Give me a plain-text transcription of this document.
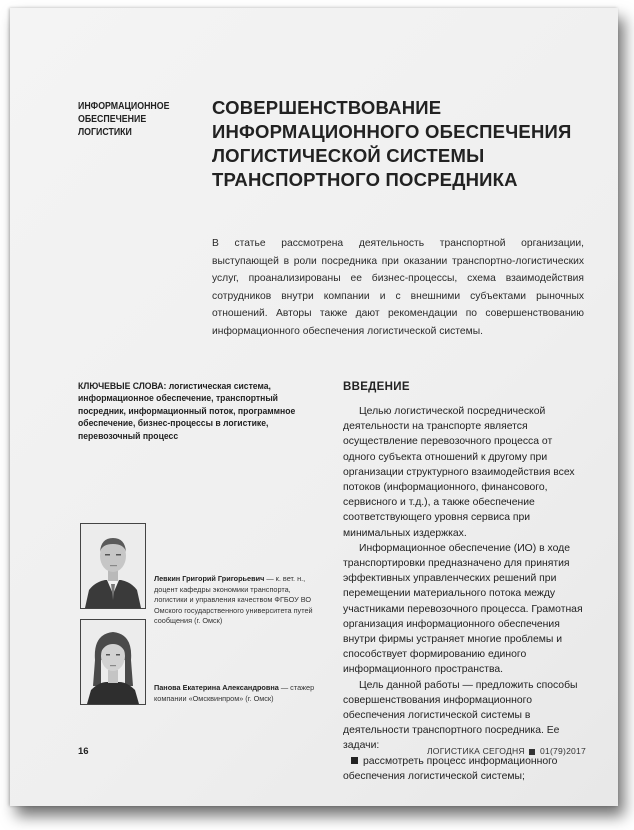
ИНФОРМАЦИОННОЕ ОБЕСПЕЧЕНИЕ ЛОГИСТИКИ
СОВЕРШЕНСТВОВАНИЕ ИНФОРМАЦИОННОГО ОБЕСПЕЧЕНИЯ ЛОГИСТИЧЕСКОЙ СИСТЕМЫ ТРАНСПОРТНОГО ПОСРЕДНИКА
В статье рассмотрена деятельность транспортной организации, выступающей в роли посредника при оказании транспортно-логистических услуг, проанализированы ее бизнес-процессы, схема взаимодействия сотрудников внутри компании и с внешними субъектами рыночных отношений. Авторы также дают рекомендации по совершенствованию информационного обеспечения логистической системы.
КЛЮЧЕВЫЕ СЛОВА: логистическая система, информационное обеспечение, транспортный посредник, информационный поток, программное обеспечение, бизнес-процессы в логистике, перевозочный процесс
Левкин Григорий Григорьевич — к. вет. н., доцент кафедры экономики транспорта, логистики и управления качеством ФГБОУ ВО Омского государственного университета путей сообщения (г. Омск)
Панова Екатерина Александровна — стажер компании «Омсквинпром» (г. Омск)
ВВЕДЕНИЕ

Целью логистической посреднической деятельности на транспорте является осуществление перевозочного процесса от одного субъекта отношений к другому при организации структурного взаимодействия всех потоков (информационного, финансового, сервисного и т.д.), а также обеспечение соответствующего уровня сервиса при минимальных издержках.

Информационное обеспечение (ИО) в ходе транспортировки предназначено для принятия эффективных управленческих решений при перемещении материального потока между участниками перевозочного процесса. Грамотная организация информационного обеспечения внутри фирмы устраняет многие проблемы и способствует формированию единого информационного пространства.

Цель данной работы — предложить способы совершенствования информационного обеспечения логистической системы в деятельности транспортного посредника. Ее задачи:

рассмотреть процесс информационного обеспечения логистической системы;

16	ЛОГИСТИКА СЕГОДНЯ 01(79)2017
